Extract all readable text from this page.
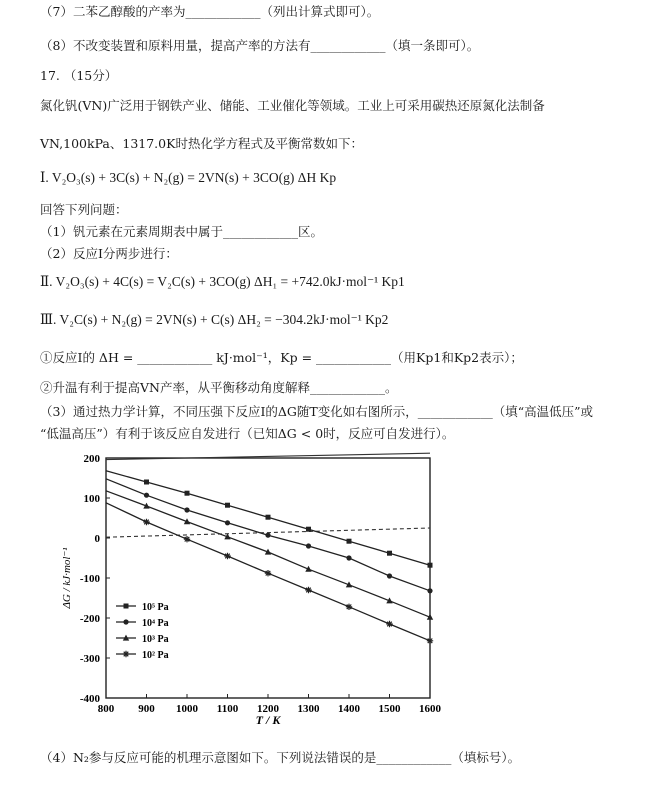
（7）二苯乙醇酸的产率为____________（列出计算式即可）。
（8）不改变装置和原料用量，提高产率的方法有____________（填一条即可）。
17. （15分）
氮化钒(VN)广泛用于钢铁产业、储能、工业催化等领域。工业上可采用碳热还原氮化法制备
VN,100kPa、1317.0K时热化学方程式及平衡常数如下：
Ⅰ. V₂O₃(s) + 3C(s) + N₂(g) = 2VN(s) + 3CO(g) ΔH Kp
回答下列问题：
（1）钒元素在元素周期表中属于____________区。
（2）反应Ⅰ分两步进行：
Ⅱ. V₂O₃(s) + 4C(s) = V₂C(s) + 3CO(g) ΔH₁ = +742.0kJ·mol⁻¹ Kp1
Ⅲ. V₂C(s) + N₂(g) = 2VN(s) + C(s) ΔH₂ = −304.2kJ·mol⁻¹ Kp2
①反应Ⅰ的 ΔH = ____________ kJ·mol⁻¹，Kp = ____________（用Kp1和Kp2表示）；
②升温有利于提高VN产率，从平衡移动角度解释____________。
（3）通过热力学计算，不同压强下反应Ⅰ的ΔG随T变化如右图所示，____________（填“高温低压”或
“低温高压”）有利于该反应自发进行（已知ΔG < 0时，反应可自发进行）。
800 900 1000 1100 1200 1300 1400 1500 1600
200
100
0
-100
-200
-300
-400
T / K
ΔG / kJ·mol⁻¹	10⁵ Pa
10⁴ Pa
10³ Pa
10² Pa
（4）N₂参与反应可能的机理示意图如下。下列说法错误的是____________（填标号）。
